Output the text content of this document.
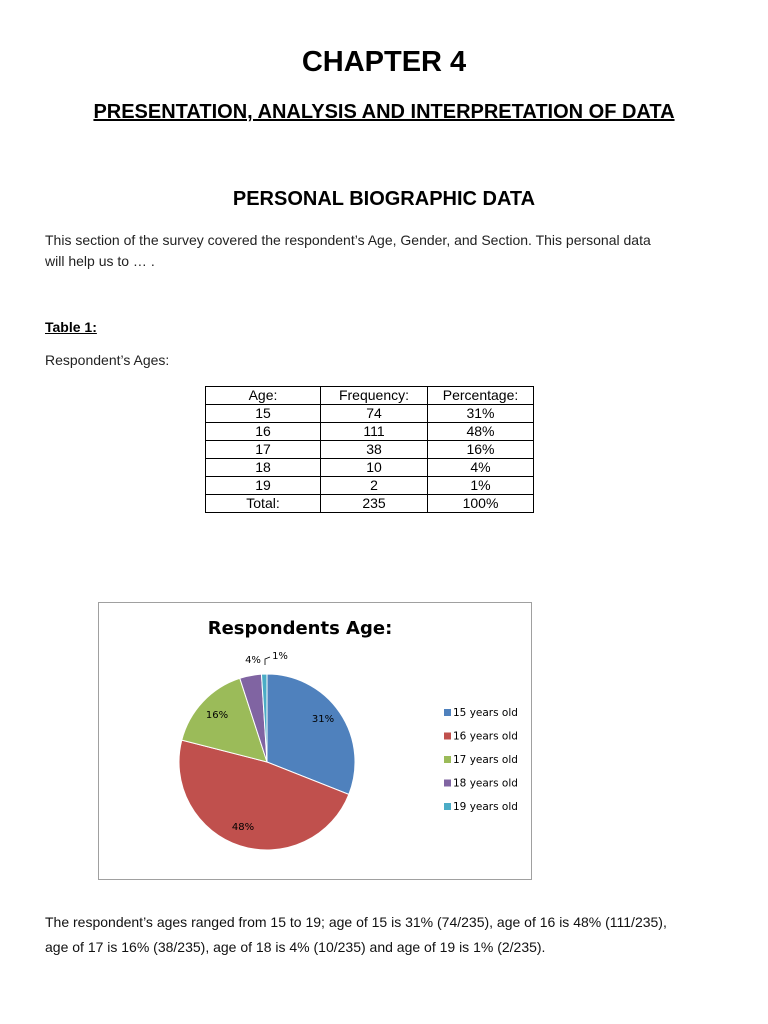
CHAPTER 4
PRESENTATION, ANALYSIS AND INTERPRETATION OF DATA
PERSONAL BIOGRAPHIC DATA
This section of the survey covered the respondent’s Age, Gender, and Section. This personal data
will help us to … .
Table 1:
Respondent’s Ages:
Age:	Frequency:	Percentage:
15	74	31%
16	111	48%
17	38	16%
18	10	4%
19	2	1%
Total:	235	100%
Respondents Age:
31%
48%
16%
4% 1%
15 years old
16 years old
17 years old
18 years old
19 years old
The respondent’s ages ranged from 15 to 19; age of 15 is 31% (74/235), age of 16 is 48% (111/235),
age of 17 is 16% (38/235), age of 18 is 4% (10/235) and age of 19 is 1% (2/235).
